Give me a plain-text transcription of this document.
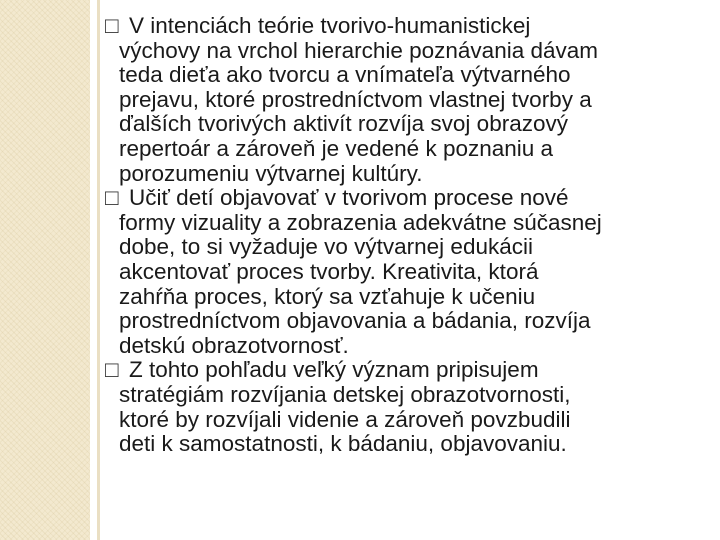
□ V intenciách teórie tvorivo-humanistickej
výchovy na vrchol hierarchie poznávania dávam
teda dieťa ako tvorcu a vnímateľa výtvarného
prejavu, ktoré prostredníctvom vlastnej tvorby a
ďalších tvorivých aktivít rozvíja svoj obrazový
repertoár a zároveň je vedené k poznaniu a
porozumeniu výtvarnej kultúry.
□ Učiť detí objavovať v tvorivom procese nové
formy vizuality a zobrazenia adekvátne súčasnej
dobe, to si vyžaduje vo výtvarnej edukácii
akcentovať proces tvorby. Kreativita, ktorá
zahŕňa proces, ktorý sa vzťahuje k učeniu
prostredníctvom objavovania a bádania, rozvíja
detskú obrazotvornosť.
□ Z tohto pohľadu veľký význam pripisujem
stratégiám rozvíjania detskej obrazotvornosti,
ktoré by rozvíjali videnie a zároveň povzbudili
deti k samostatnosti, k bádaniu, objavovaniu.
